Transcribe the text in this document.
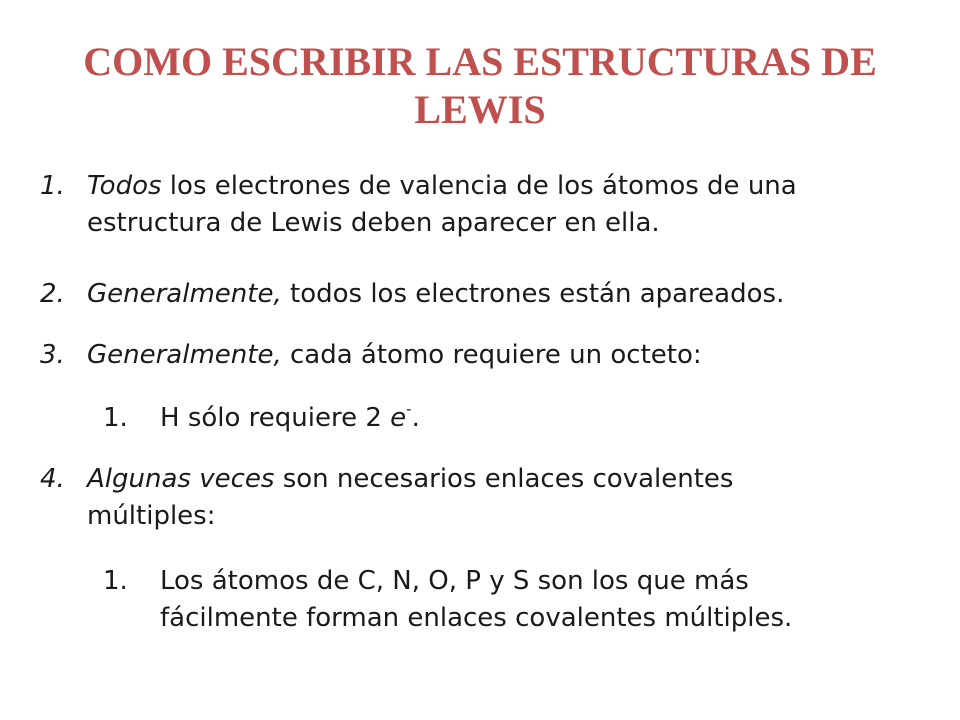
COMO ESCRIBIR LAS ESTRUCTURAS DE
LEWIS
1. Todos los electrones de valencia de los átomos de una estructura de Lewis deben aparecer en ella.
2. Generalmente, todos los electrones están apareados.
3. Generalmente, cada átomo requiere un octeto:
1.	H sólo requiere 2 e-.
4. Algunas veces son necesarios enlaces covalentes múltiples:
1.	Los átomos de C, N, O, P y S son los que más
fácilmente forman enlaces covalentes múltiples.
